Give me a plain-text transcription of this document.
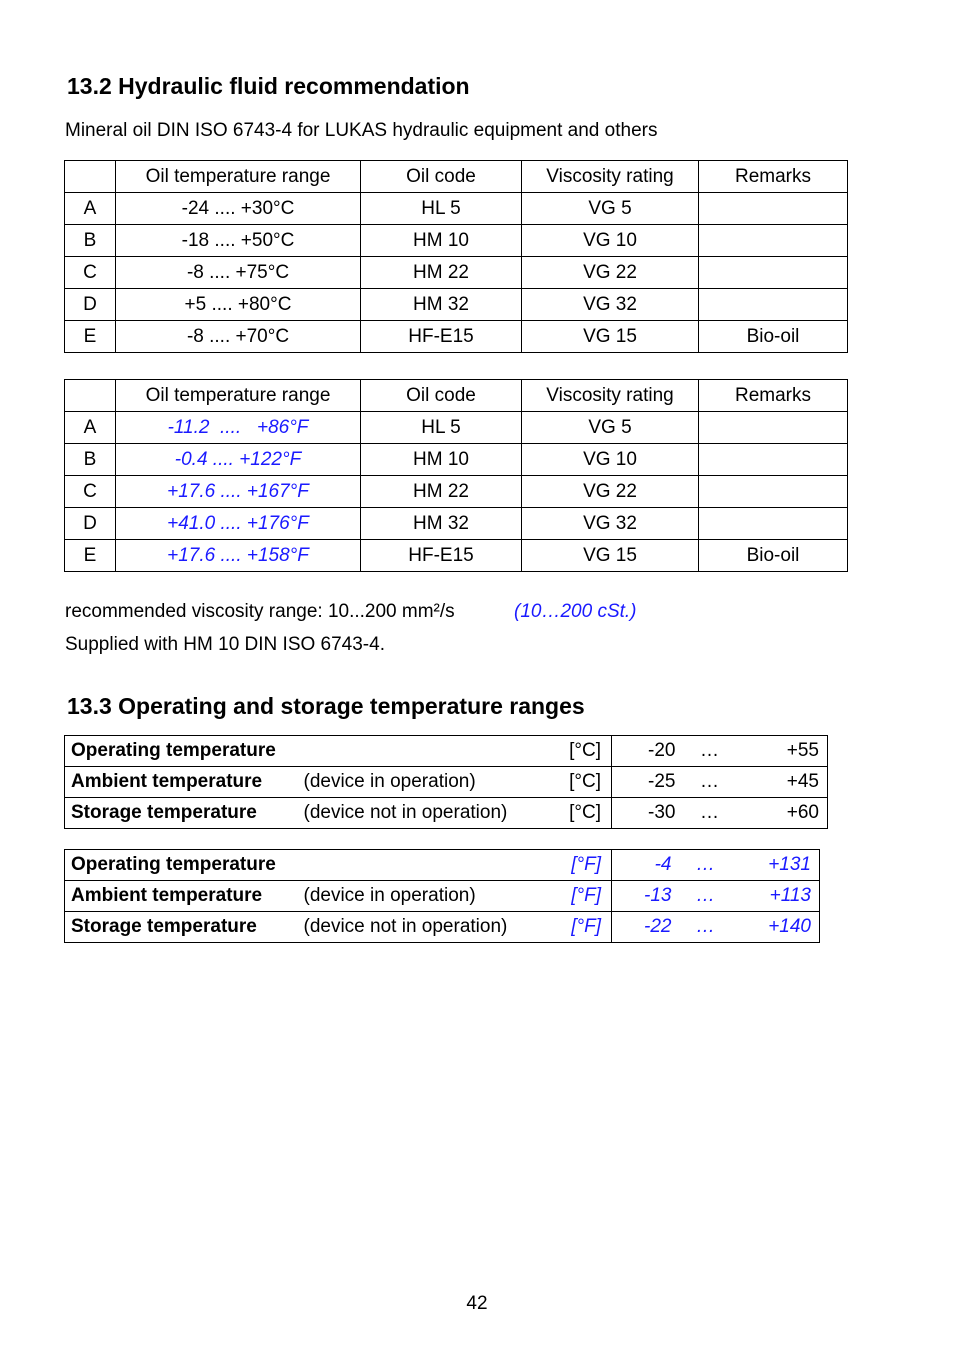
13.2 Hydraulic fluid recommendation
Mineral oil DIN ISO 6743-4 for LUKAS hydraulic equipment and others
	Oil temperature range	Oil code	Viscosity rating	Remarks
A	-24 .... +30°C	HL 5	VG 5	
B	-18 .... +50°C	HM 10	VG 10	
C	-8 .... +75°C	HM 22	VG 22	
D	+5 .... +80°C	HM 32	VG 32	
E	-8 .... +70°C	HF-E15	VG 15	Bio-oil
	Oil temperature range	Oil code	Viscosity rating	Remarks
A	-11.2  ....   +86°F	HL 5	VG 5	
B	-0.4 .... +122°F	HM 10	VG 10	
C	+17.6 .... +167°F	HM 22	VG 22	
D	+41.0 .... +176°F	HM 32	VG 32	
E	+17.6 .... +158°F	HF-E15	VG 15	Bio-oil
recommended viscosity range: 10...200 mm²/s	(10…200 cSt.)
Supplied with HM 10 DIN ISO 6743-4.
13.3 Operating and storage temperature ranges
Operating temperature		[°C]	-20	…	+55
Ambient temperature	(device in operation)	[°C]	-25	…	+45
Storage temperature	(device not in operation)	[°C]	-30	…	+60
Operating temperature		[°F]	-4	…	+131
Ambient temperature	(device in operation)	[°F]	-13	…	+113
Storage temperature	(device not in operation)	[°F]	-22	…	+140
42
